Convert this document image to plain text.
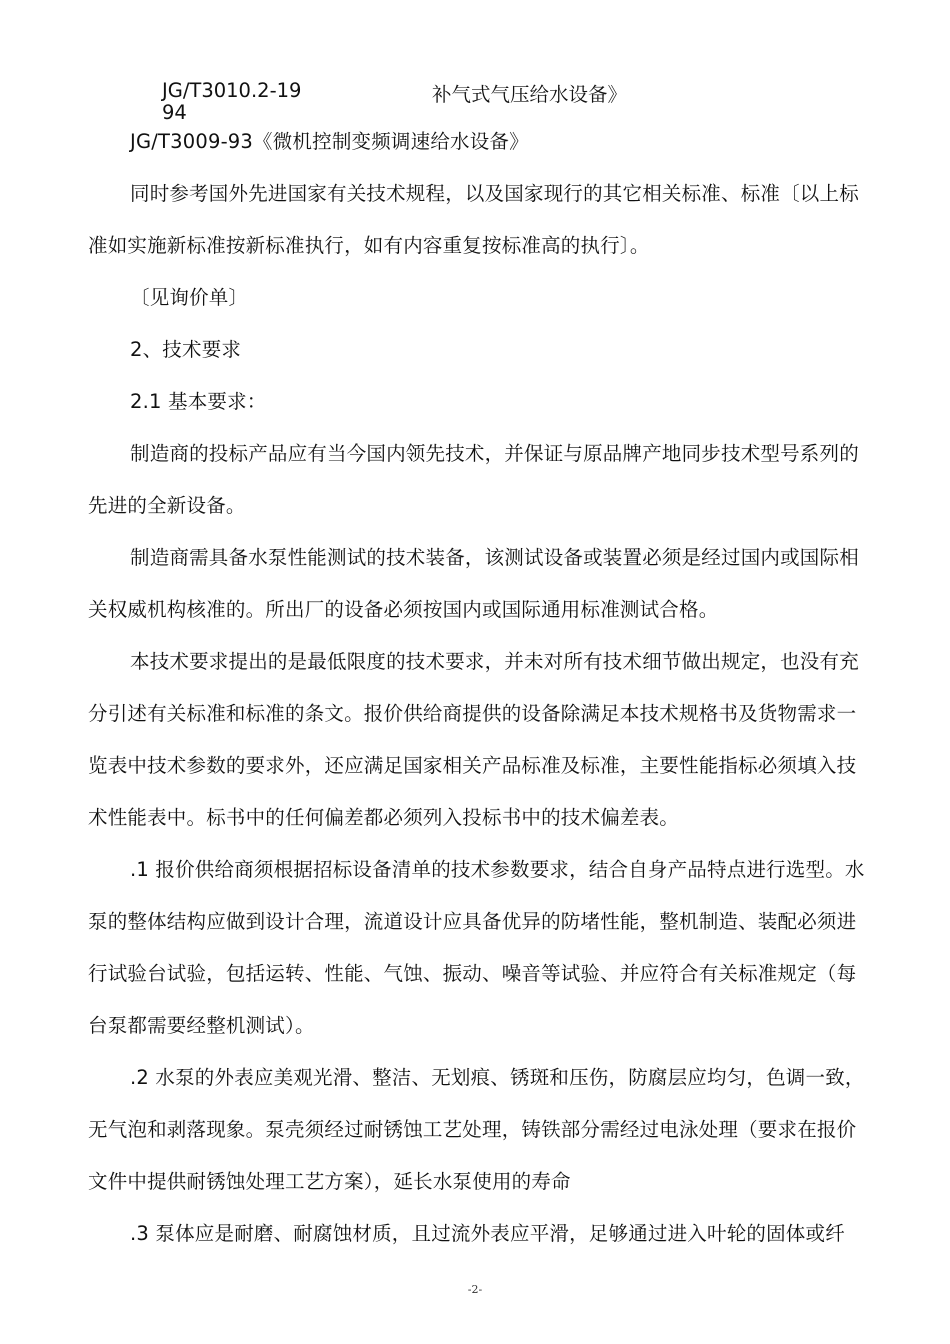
JG/T3010.2-1994
补气式气压给水设备》
JG/T3009-93《微机控制变频调速给水设备》
同时参考国外先进国家有关技术规程，以及国家现行的其它相关标准、标准〔以上标
准如实施新标准按新标准执行，如有内容重复按标准高的执行〕。
〔见询价单〕
2、技术要求
2.1 基本要求：
制造商的投标产品应有当今国内领先技术，并保证与原品牌产地同步技术型号系列的
先进的全新设备。
制造商需具备水泵性能测试的技术装备，该测试设备或装置必须是经过国内或国际相
关权威机构核准的。所出厂的设备必须按国内或国际通用标准测试合格。
本技术要求提出的是最低限度的技术要求，并未对所有技术细节做出规定，也没有充
分引述有关标准和标准的条文。报价供给商提供的设备除满足本技术规格书及货物需求一
览表中技术参数的要求外，还应满足国家相关产品标准及标准，主要性能指标必须填入技
术性能表中。标书中的任何偏差都必须列入投标书中的技术偏差表。
.1 报价供给商须根据招标设备清单的技术参数要求，结合自身产品特点进行选型。水
泵的整体结构应做到设计合理，流道设计应具备优异的防堵性能，整机制造、装配必须进
行试验台试验，包括运转、性能、气蚀、振动、噪音等试验、并应符合有关标准规定（每
台泵都需要经整机测试）。
.2 水泵的外表应美观光滑、整洁、无划痕、锈斑和压伤，防腐层应均匀，色调一致，
无气泡和剥落现象。泵壳须经过耐锈蚀工艺处理，铸铁部分需经过电泳处理（要求在报价
文件中提供耐锈蚀处理工艺方案），延长水泵使用的寿命
.3 泵体应是耐磨、耐腐蚀材质，且过流外表应平滑，足够通过进入叶轮的固体或纤
-2-
